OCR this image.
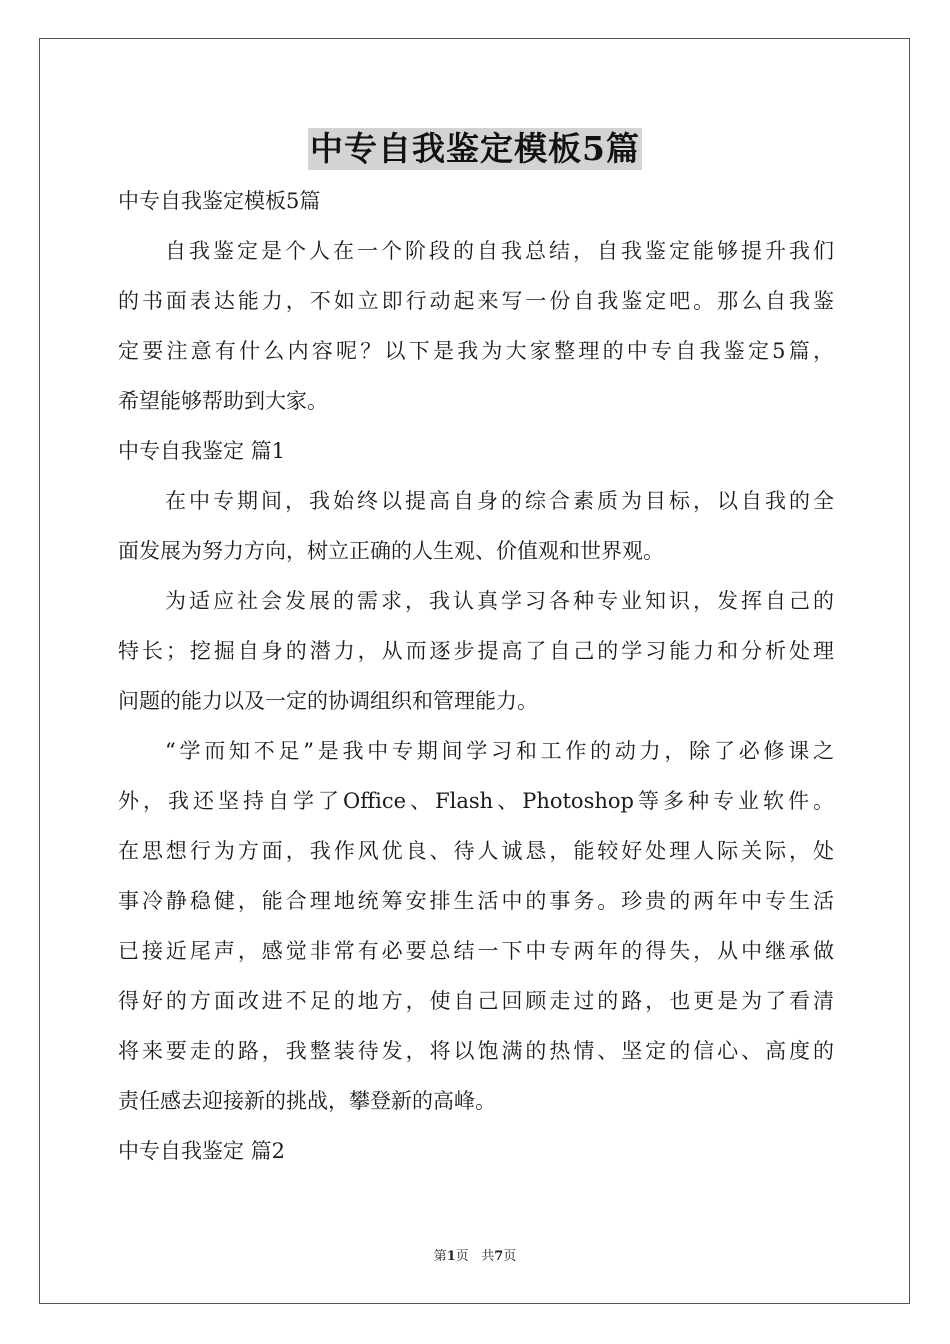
中专自我鉴定模板5篇
中专自我鉴定模板5篇
自我鉴定是个人在一个阶段的自我总结，自我鉴定能够提升我们
的书面表达能力，不如立即行动起来写一份自我鉴定吧。那么自我鉴
定要注意有什么内容呢？以下是我为大家整理的中专自我鉴定5篇，
希望能够帮助到大家。
中专自我鉴定 篇1
在中专期间，我始终以提高自身的综合素质为目标，以自我的全
面发展为努力方向，树立正确的人生观、价值观和世界观。
为适应社会发展的需求，我认真学习各种专业知识，发挥自己的
特长；挖掘自身的潜力，从而逐步提高了自己的学习能力和分析处理
问题的能力以及一定的协调组织和管理能力。
“学而知不足”是我中专期间学习和工作的动力，除了必修课之
外，我还坚持自学了Office、Flash、Photoshop等多种专业软件。
在思想行为方面，我作风优良、待人诚恳，能较好处理人际关际，处
事冷静稳健，能合理地统筹安排生活中的事务。珍贵的两年中专生活
已接近尾声，感觉非常有必要总结一下中专两年的得失，从中继承做
得好的方面改进不足的地方，使自己回顾走过的路，也更是为了看清
将来要走的路，我整装待发，将以饱满的热情、坚定的信心、高度的
责任感去迎接新的挑战，攀登新的高峰。
中专自我鉴定 篇2
第1页 共7页
